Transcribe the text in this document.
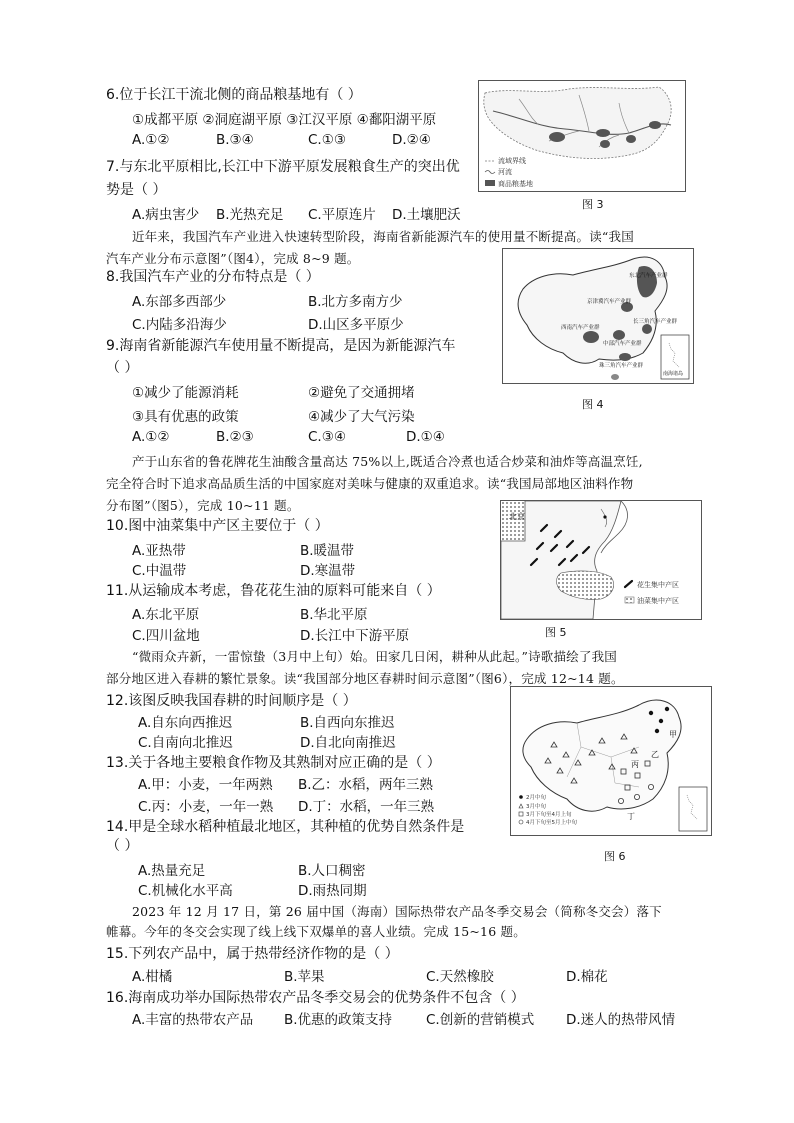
6.位于长江干流北侧的商品粮基地有（ ）
①成都平原 ②洞庭湖平原 ③江汉平原 ④鄱阳湖平原
A.①②	B.③④	C.①③	D.②④
7.与东北平原相比,长江中下游平原发展粮食生产的突出优
势是（ ）
A.病虫害少 B.光热充足 C.平原连片 D.土壤肥沃
流域界线
河流
商品粮基地
图 3
近年来，我国汽车产业进入快速转型阶段，海南省新能源汽车的使用量不断提高。读“我国
汽车产业分布示意图”（图4），完成 8~9 题。
8.我国汽车产业的分布特点是（ ）
A.东部多西部少	B.北方多南方少
C.内陆多沿海少	D.山区多平原少
9.海南省新能源汽车使用量不断提高，是因为新能源汽车
（ ）
①减少了能源消耗	②避免了交通拥堵
③具有优惠的政策	④减少了大气污染
A.①②	B.②③	C.③④	D.①④
东北汽车产业群
京津冀汽车产业群
西南汽车产业群
中部汽车产业群
长三角汽车产业群
珠三角汽车产业群
南海诸岛
图 4
产于山东省的鲁花牌花生油酸含量高达 75%以上,既适合冷煮也适合炒菜和油炸等高温烹饪,
完全符合时下追求高品质生活的中国家庭对美味与健康的双重追求。读“我国局部地区油料作物
分布图”（图5），完成 10~11 题。
10.图中油菜集中产区主要位于（ ）
A.亚热带	B.暖温带
C.中温带	D.寒温带
11.从运输成本考虑，鲁花花生油的原料可能来自（ ）
A.东北平原	B.华北平原
C.四川盆地	D.长江中下游平原
北京
花生集中产区
油菜集中产区
图 5
“微雨众卉新，一雷惊蛰（3月中上旬）始。田家几日闲，耕种从此起。”诗歌描绘了我国
部分地区进入春耕的繁忙景象。读“我国部分地区春耕时间示意图”（图6），完成 12~14 题。
12.该图反映我国春耕的时间顺序是（ ）
A.自东向西推迟	B.自西向东推迟
C.自南向北推迟	D.自北向南推迟
13.关于各地主要粮食作物及其熟制对应正确的是（ ）
A.甲：小麦，一年两熟 B.乙：水稻，两年三熟
C.丙：小麦，一年一熟 D.丁：水稻，一年三熟
14.甲是全球水稻种植最北地区，其种植的优势自然条件是
（ ）
A.热量充足	B.人口稠密
C.机械化水平高	D.雨热同期
甲
乙
丙
丁
2月中旬
3月中旬
3月下旬至4月上旬
4月下旬至5月上中旬
图 6
2023 年 12 月 17 日，第 26 届中国（海南）国际热带农产品冬季交易会（简称冬交会）落下
帷幕。今年的冬交会实现了线上线下双爆单的喜人业绩。完成 15~16 题。
15.下列农产品中，属于热带经济作物的是（ ）
A.柑橘	B.苹果	C.天然橡胶	D.棉花
16.海南成功举办国际热带农产品冬季交易会的优势条件不包含（ ）
A.丰富的热带农产品 B.优惠的政策支持	C.创新的营销模式 D.迷人的热带风情
